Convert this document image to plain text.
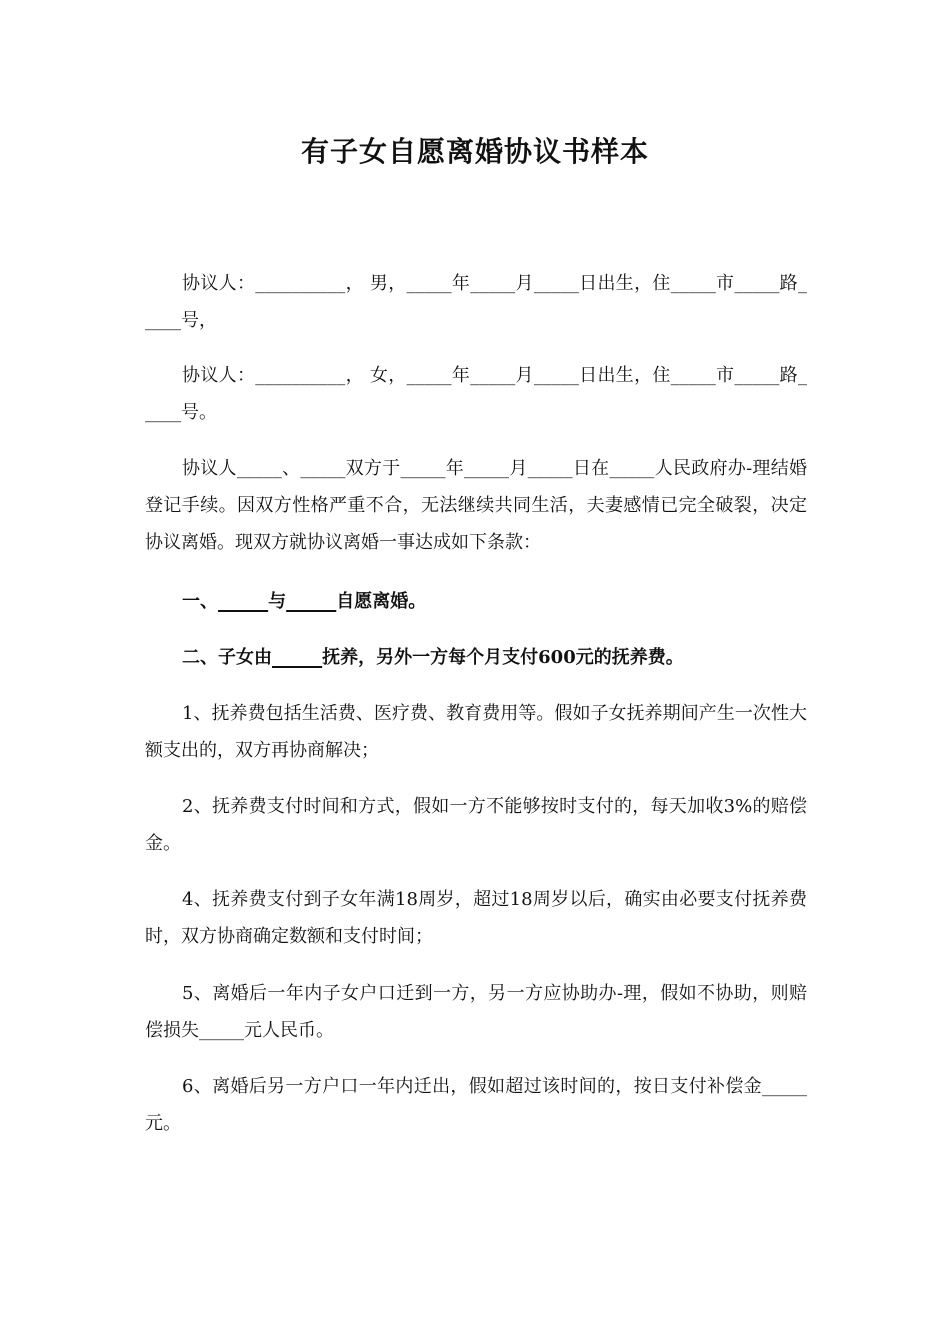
有子女自愿离婚协议书样本

协议人：__________， 男，_____年_____月_____日出生，住_____市_____路_____号，

协议人：__________， 女，_____年_____月_____日出生，住_____市_____路_____号。

协议人_____、_____双方于_____年_____月_____日在_____人民政府办-理结婚登记手续。因双方性格严重不合，无法继续共同生活，夫妻感情已完全破裂，决定协议离婚。现双方就协议离婚一事达成如下条款：

一、	与	自愿离婚。

二、子女由	抚养，另外一方每个月支付600元的抚养费。

1、抚养费包括生活费、医疗费、教育费用等。假如子女抚养期间产生一次性大额支出的，双方再协商解决；

2、抚养费支付时间和方式，假如一方不能够按时支付的，每天加收3%的赔偿金。

4、抚养费支付到子女年满18周岁，超过18周岁以后，确实由必要支付抚养费时，双方协商确定数额和支付时间；

5、离婚后一年内子女户口迁到一方，另一方应协助办-理，假如不协助，则赔偿损失_____元人民币。

6、离婚后另一方户口一年内迁出，假如超过该时间的，按日支付补偿金_____元。
